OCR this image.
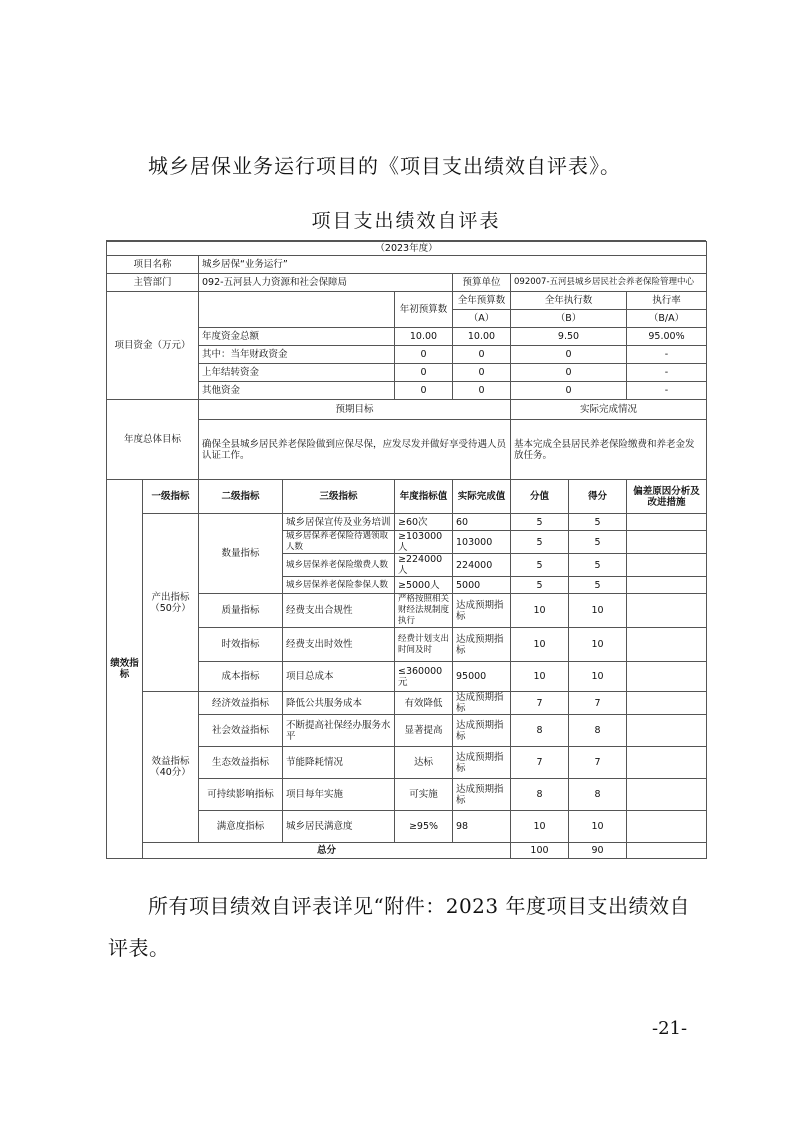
城乡居保业务运行项目的《项目支出绩效自评表》。
项目支出绩效自评表
（2023年度）								
项目名称		城乡居保“业务运行”						
主管部门		092-五河县人力资源和社会保障局			预算单位	092007-五河县城乡居民社会养老保险管理中心		
项目资金（万元）				年初预算数	全年预算数	全年执行数		执行率
					（A）	（B）		（B/A）
		年度资金总额		10.00	10.00	9.50		95.00%
		其中：当年财政资金		0	0	0		-
		上年结转资金		0	0	0		-
		其他资金		0	0	0		-
年度总体目标		预期目标				实际完成情况		
		确保全县城乡居民养老保险做到应保尽保，应发尽发并做好享受待遇人员认证工作。				基本完成全县居民养老保险缴费和养老金发放任务。		
绩效指标	一级指标	二级指标	三级指标	年度指标值	实际完成值	分值	得分	偏差原因分析及改进措施
	产出指标（50分）	数量指标	城乡居保宣传及业务培训	≥60次	60	5	5	
			城乡居保养老保险待遇领取人数	≥103000人	103000	5	5	
			城乡居保养老保险缴费人数	≥224000人	224000	5	5	
			城乡居保养老保险参保人数	≥5000人	5000	5	5	
		质量指标	经费支出合规性	严格按照相关财经法规制度执行	达成预期指标	10	10	
		时效指标	经费支出时效性	经费计划支出时间及时	达成预期指标	10	10	
		成本指标	项目总成本	≤360000元	95000	10	10	
	效益指标（40分）	经济效益指标	降低公共服务成本	有效降低	达成预期指标	7	7	
		社会效益指标	不断提高社保经办服务水平	显著提高	达成预期指标	8	8	
		生态效益指标	节能降耗情况	达标	达成预期指标	7	7	
		可持续影响指标	项目每年实施	可实施	达成预期指标	8	8	
		满意度指标	城乡居民满意度	≥95%	98	10	10	
	总分					100	90	
所有项目绩效自评表详见“附件：2023 年度项目支出绩效自评表。
-21-
